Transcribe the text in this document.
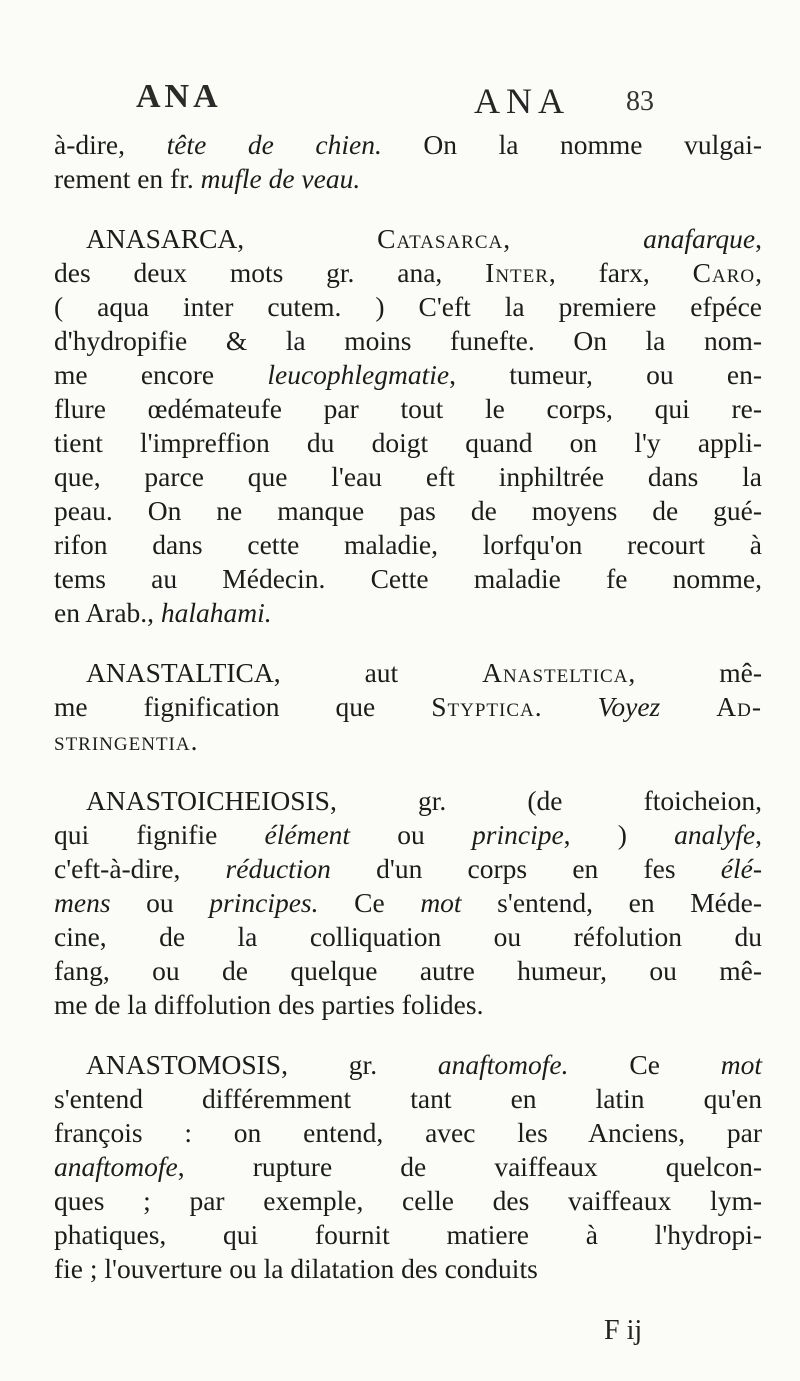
ANA	ANA 83
à-dire, tête de chien. On la nomme vulgai-
rement en fr. mufle de veau.
ANASARCA, Catasarca, anafarque,
des deux mots gr. ana, Inter, farx, Caro,
( aqua inter cutem. ) C'eft la premiere efpéce
d'hydropifie & la moins funefte. On la nom-
me encore leucophlegmatie, tumeur, ou en-
flure œdémateufe par tout le corps, qui re-
tient l'impreffion du doigt quand on l'y appli-
que, parce que l'eau eft inphiltrée dans la
peau. On ne manque pas de moyens de gué-
rifon dans cette maladie, lorfqu'on recourt à
tems au Médecin. Cette maladie fe nomme,
en Arab., halahami.
ANASTALTICA, aut Anasteltica, mê-
me fignification que Styptica. Voyez Ad-
stringentia.
ANASTOICHEIOSIS, gr. (de ftoicheion,
qui fignifie élément ou principe, ) analyfe,
c'eft-à-dire, réduction d'un corps en fes élé-
mens ou principes. Ce mot s'entend, en Méde-
cine, de la colliquation ou réfolution du
fang, ou de quelque autre humeur, ou mê-
me de la diffolution des parties folides.
ANASTOMOSIS, gr. anaftomofe. Ce mot
s'entend différemment tant en latin qu'en
françois : on entend, avec les Anciens, par
anaftomofe, rupture de vaiffeaux quelcon-
ques ; par exemple, celle des vaiffeaux lym-
phatiques, qui fournit matiere à l'hydropi-
fie ; l'ouverture ou la dilatation des conduits
F ij
